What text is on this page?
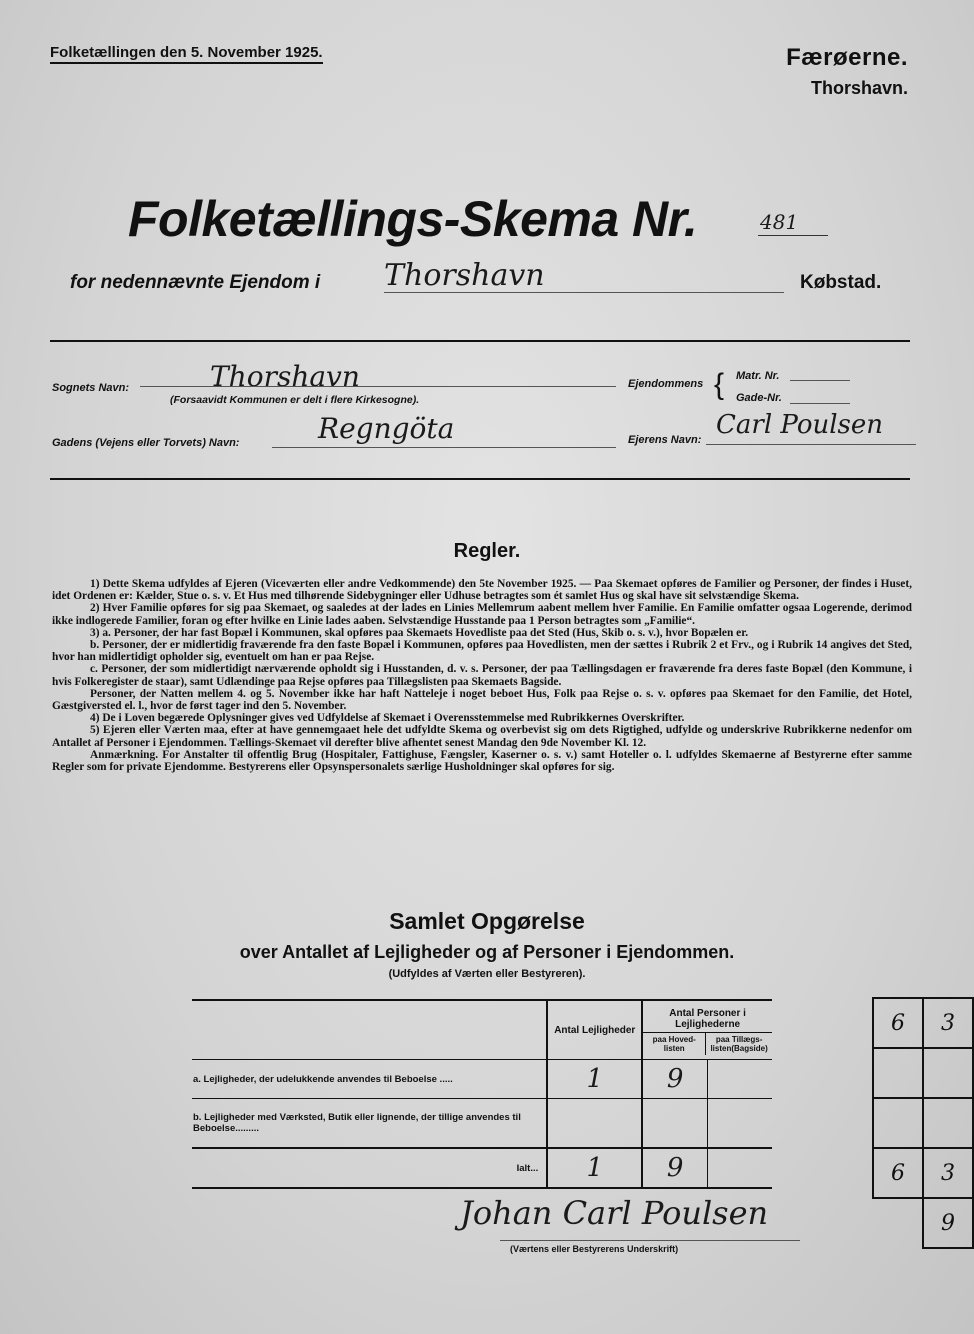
Folketællingen den 5. November 1925.	Færøerne.
Thorshavn.
Folketællings-Skema Nr.	481
for nedennævnte Ejendom i Thorshavn	Købstad.
Sognets Navn:	Thorshavn
(Forsaavidt Kommunen er delt i flere Kirkesogne).
Ejendommens { Matr. Nr.
Gade-Nr.
Gadens (Vejens eller Torvets) Navn:	Regngöta	Ejerens Navn: Carl Poulsen
Regler.

1) Dette Skema udfyldes af Ejeren (Viceværten eller andre Vedkommende) den 5te November 1925. — Paa Skemaet opføres de Familier og Personer, der findes i Huset, idet Ordenen er: Kælder, Stue o. s. v. Et Hus med tilhørende Sidebygninger eller Udhuse betragtes som ét samlet Hus og skal have sit selvstændige Skema.

2) Hver Familie opføres for sig paa Skemaet, og saaledes at der lades en Linies Mellemrum aabent mellem hver Familie. En Familie omfatter ogsaa Logerende, derimod ikke indlogerede Familier, foran og efter hvilke en Linie lades aaben. Selvstændige Husstande paa 1 Person betragtes som „Familie“.

3) a. Personer, der har fast Bopæl i Kommunen, skal opføres paa Skemaets Hovedliste paa det Sted (Hus, Skib o. s. v.), hvor Bopælen er.

b. Personer, der er midlertidig fraværende fra den faste Bopæl i Kommunen, opføres paa Hovedlisten, men der sættes i Rubrik 2 et Frv., og i Rubrik 14 angives det Sted, hvor han midlertidigt opholder sig, eventuelt om han er paa Rejse.

c. Personer, der som midlertidigt nærværende opholdt sig i Husstanden, d. v. s. Personer, der paa Tællingsdagen er fraværende fra deres faste Bopæl (den Kommune, i hvis Folkeregister de staar), samt Udlændinge paa Rejse opføres paa Tillægslisten paa Skemaets Bagside.

Personer, der Natten mellem 4. og 5. November ikke har haft Natteleje i noget beboet Hus, Folk paa Rejse o. s. v. opføres paa Skemaet for den Familie, det Hotel, Gæstgiversted el. l., hvor de først tager ind den 5. November.

4) De i Loven begærede Oplysninger gives ved Udfyldelse af Skemaet i Overensstemmelse med Rubrikkernes Overskrifter.

5) Ejeren eller Værten maa, efter at have gennemgaaet hele det udfyldte Skema og overbevist sig om dets Rigtighed, udfylde og underskrive Rubrikkerne nedenfor om Antallet af Personer i Ejendommen. Tællings-Skemaet vil derefter blive afhentet senest Mandag den 9de November Kl. 12.

Anmærkning. For Anstalter til offentlig Brug (Hospitaler, Fattighuse, Fængsler, Kaserner o. s. v.) samt Hoteller o. l. udfyldes Skemaerne af Bestyrerne efter samme Regler som for private Ejendomme. Bestyrerens eller Opsynspersonalets særlige Husholdninger skal opføres for sig.

Samlet Opgørelse
over Antallet af Lejligheder og af Personer i Ejendommen.
(Udfyldes af Værten eller Bestyreren).
	Antal Lejligheder	Antal Personer i Lejlighederne
paa Hoved-listen
paa Tillægs-listen(Bagside)	

a. Lejligheder, der udelukkende anvendes til Beboelse .....	1	9	
b. Lejligheder med Værksted, Butik eller lignende, der tillige anvendes til Beboelse.........			
Ialt...	1	9	
Johan Carl Poulsen
(Værtens eller Bestyrerens Underskrift)
6	3

6	3
	9
